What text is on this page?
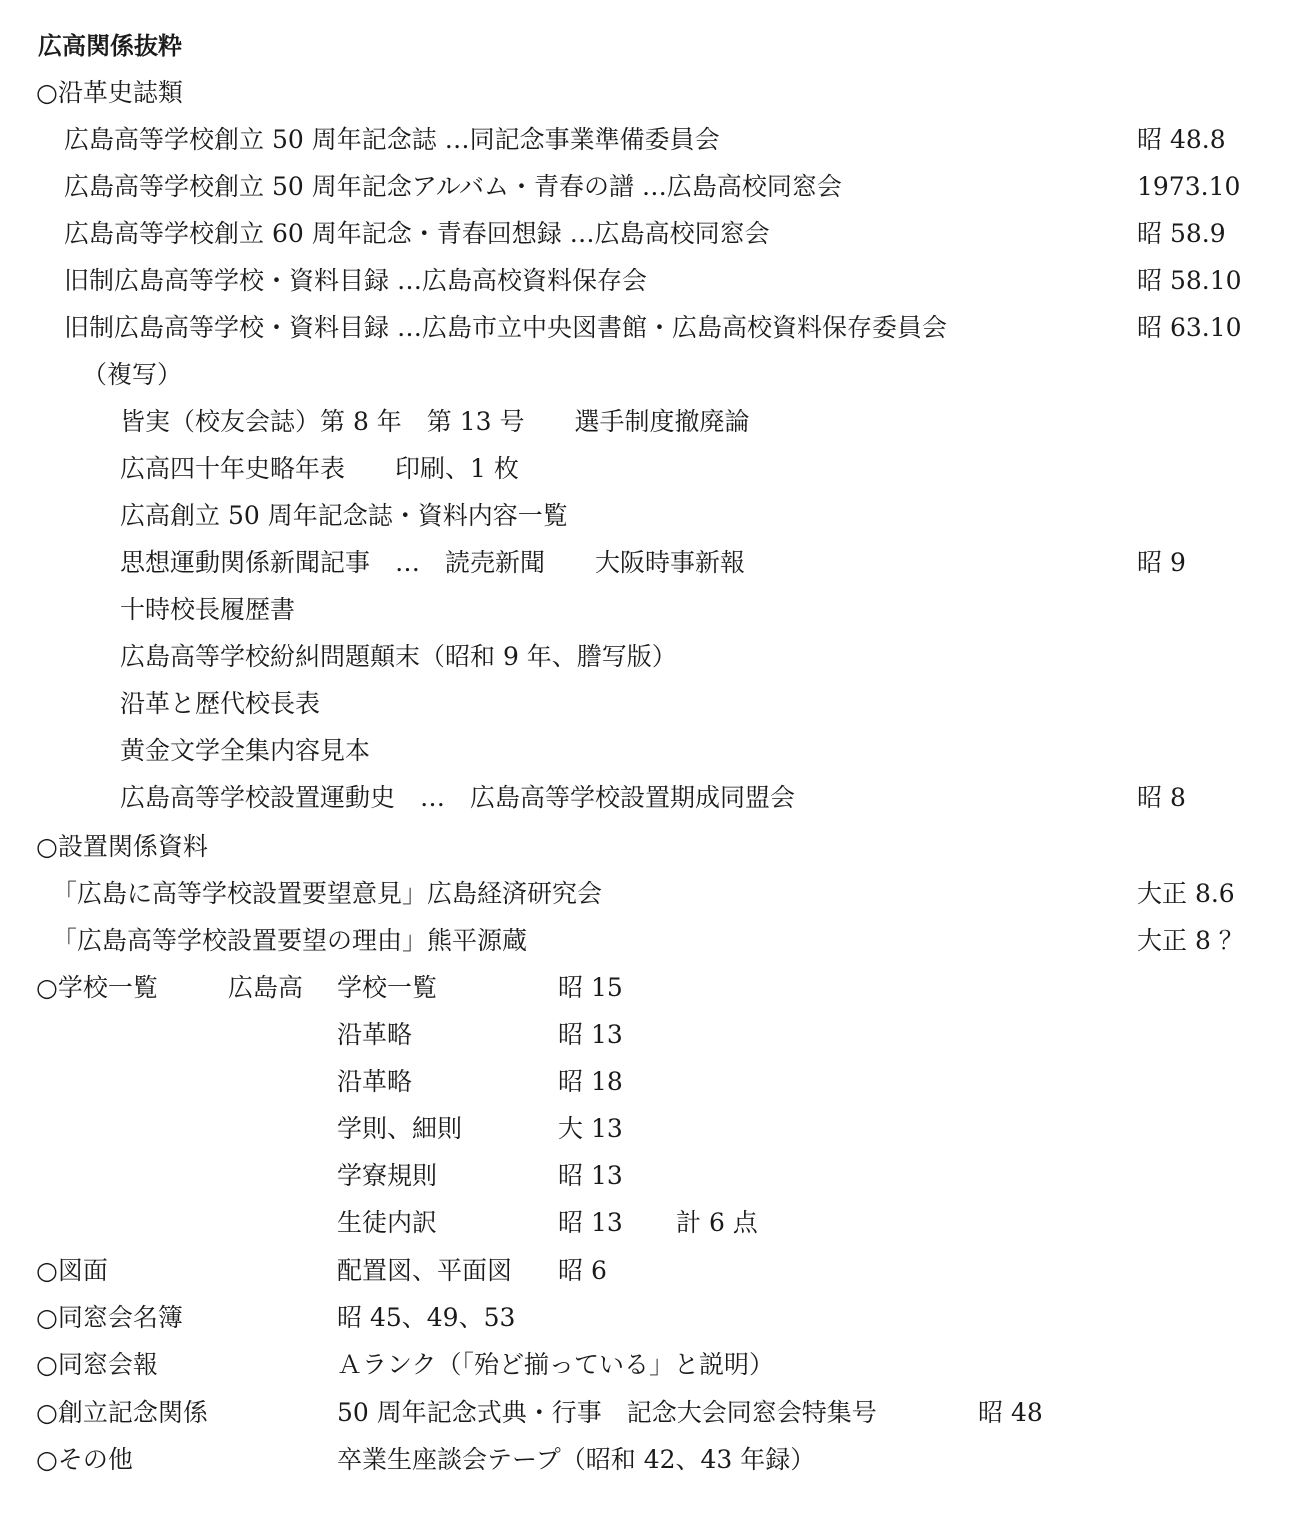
広高関係抜粋
○沿革史誌類
広島高等学校創立 50 周年記念誌 …同記念事業準備委員会	昭 48.8
広島高等学校創立 50 周年記念アルバム・青春の譜 …広島高校同窓会	1973.10
広島高等学校創立 60 周年記念・青春回想録 …広島高校同窓会	昭 58.9
旧制広島高等学校・資料目録 …広島高校資料保存会	昭 58.10
旧制広島高等学校・資料目録 …広島市立中央図書館・広島高校資料保存委員会	昭 63.10
（複写）
皆実（校友会誌）第 8 年　第 13 号　　選手制度撤廃論
広高四十年史略年表　　印刷、1 枚
広高創立 50 周年記念誌・資料内容一覧
思想運動関係新聞記事　…　読売新聞　　大阪時事新報	昭 9
十時校長履歴書
広島高等学校紛糾問題顛末（昭和 9 年、謄写版）
沿革と歴代校長表
黄金文学全集内容見本
広島高等学校設置運動史　…　広島高等学校設置期成同盟会	昭 8
○設置関係資料
「広島に高等学校設置要望意見」広島経済研究会	大正 8.6
「広島高等学校設置要望の理由」熊平源蔵	大正 8 ？
○学校一覧	広島高 学校一覧	昭 15
沿革略	昭 13
沿革略	昭 18
学則、細則	大 13
学寮規則	昭 13
生徒内訳	昭 13 計 6 点
○図面	配置図、平面図 昭 6
○同窓会名簿	昭 45、49、53
○同窓会報	Ａランク（「殆ど揃っている」と説明）
○創立記念関係	50 周年記念式典・行事　記念大会同窓会特集号	昭 48
○その他	卒業生座談会テープ（昭和 42、43 年録）
